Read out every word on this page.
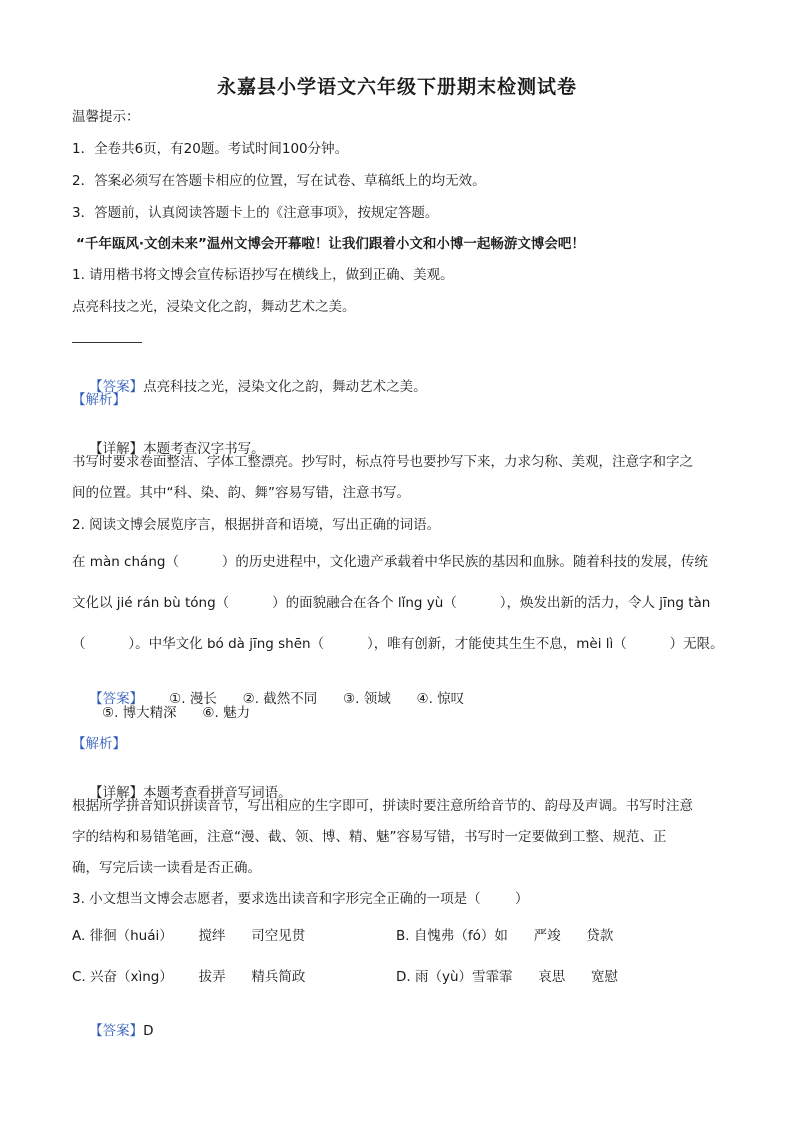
永嘉县小学语文六年级下册期末检测试卷
温馨提示：
1．全卷共6页，有20题。考试时间100分钟。
2．答案必须写在答题卡相应的位置，写在试卷、草稿纸上的均无效。
3．答题前，认真阅读答题卡上的《注意事项》，按规定答题。
“千年瓯风·文创未来”温州文博会开幕啦！让我们跟着小文和小博一起畅游文博会吧！
1. 请用楷书将文博会宣传标语抄写在横线上，做到正确、美观。
点亮科技之光，浸染文化之韵，舞动艺术之美。

【答案】点亮科技之光，浸染文化之韵，舞动艺术之美。

【解析】

【详解】本题考查汉字书写。

书写时要求卷面整洁、字体工整漂亮。抄写时，标点符号也要抄写下来，力求匀称、美观，注意字和字之
间的位置。其中“科、染、韵、舞”容易写错，注意书写。
2. 阅读文博会展览序言，根据拼音和语境，写出正确的词语。
在 màn cháng（          ）的历史进程中，文化遗产承载着中华民族的基因和血脉。随着科技的发展，传统
文化以 jié rán bù tóng（          ）的面貌融合在各个 lǐng yù（          ），焕发出新的活力，令人 jīng tàn
（          ）。中华文化 bó dà jīng shēn（          ），唯有创新，才能使其生生不息，mèi lì（          ）无限。

【答案】 ①. 漫长      ②. 截然不同      ③. 领域      ④. 惊叹

⑤. 博大精深      ⑥. 魅力
【解析】

【详解】本题考查看拼音写词语。

根据所学拼音知识拼读音节，写出相应的生字即可，拼读时要注意所给音节的、韵母及声调。书写时注意
字的结构和易错笔画，注意“漫、截、领、博、精、魅”容易写错，书写时一定要做到工整、规范、正
确，写完后读一读看是否正确。
3. 小文想当文博会志愿者，要求选出读音和字形完全正确的一项是（        ）
A. 徘徊（huái）      搅绊      司空见贯	B. 自愧弗（fó）如      严竣      贷款
C. 兴奋（xìng）      拔弄      精兵简政	D. 雨（yù）雪霏霏      哀思      宽慰

【答案】D
